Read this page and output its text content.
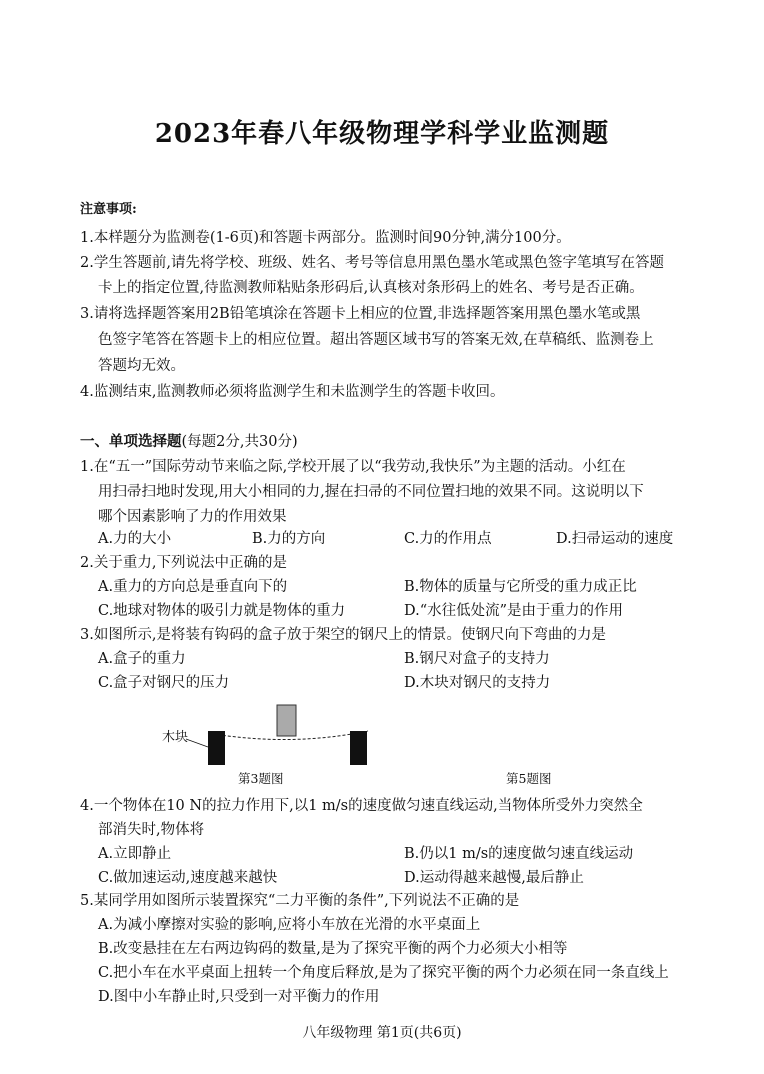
2023年春八年级物理学科学业监测题
注意事项:
1.本样题分为监测卷(1-6页)和答题卡两部分。监测时间90分钟,满分100分。
2.学生答题前,请先将学校、班级、姓名、考号等信息用黑色墨水笔或黑色签字笔填写在答题
卡上的指定位置,待监测教师粘贴条形码后,认真核对条形码上的姓名、考号是否正确。
3.请将选择题答案用2B铅笔填涂在答题卡上相应的位置,非选择题答案用黑色墨水笔或黑
色签字笔答在答题卡上的相应位置。超出答题区域书写的答案无效,在草稿纸、监测卷上
答题均无效。
4.监测结束,监测教师必须将监测学生和未监测学生的答题卡收回。
一、单项选择题(每题2分,共30分)
1.在“五一”国际劳动节来临之际,学校开展了以“我劳动,我快乐”为主题的活动。小红在
用扫帚扫地时发现,用大小相同的力,握在扫帚的不同位置扫地的效果不同。这说明以下
哪个因素影响了力的作用效果
A.力的大小	B.力的方向	C.力的作用点	D.扫帚运动的速度
2.关于重力,下列说法中正确的是
A.重力的方向总是垂直向下的	B.物体的质量与它所受的重力成正比
C.地球对物体的吸引力就是物体的重力	D.“水往低处流”是由于重力的作用
3.如图所示,是将装有钩码的盒子放于架空的钢尺上的情景。使钢尺向下弯曲的力是
A.盒子的重力	B.钢尺对盒子的支持力
C.盒子对钢尺的压力	D.木块对钢尺的支持力
木块
第3题图	第5题图
4.一个物体在10 N的拉力作用下,以1 m/s的速度做匀速直线运动,当物体所受外力突然全
部消失时,物体将
A.立即静止	B.仍以1 m/s的速度做匀速直线运动
C.做加速运动,速度越来越快	D.运动得越来越慢,最后静止
5.某同学用如图所示装置探究“二力平衡的条件”,下列说法不正确的是
A.为减小摩擦对实验的影响,应将小车放在光滑的水平桌面上
B.改变悬挂在左右两边钩码的数量,是为了探究平衡的两个力必须大小相等
C.把小车在水平桌面上扭转一个角度后释放,是为了探究平衡的两个力必须在同一条直线上
D.图中小车静止时,只受到一对平衡力的作用
八年级物理 第1页(共6页)
